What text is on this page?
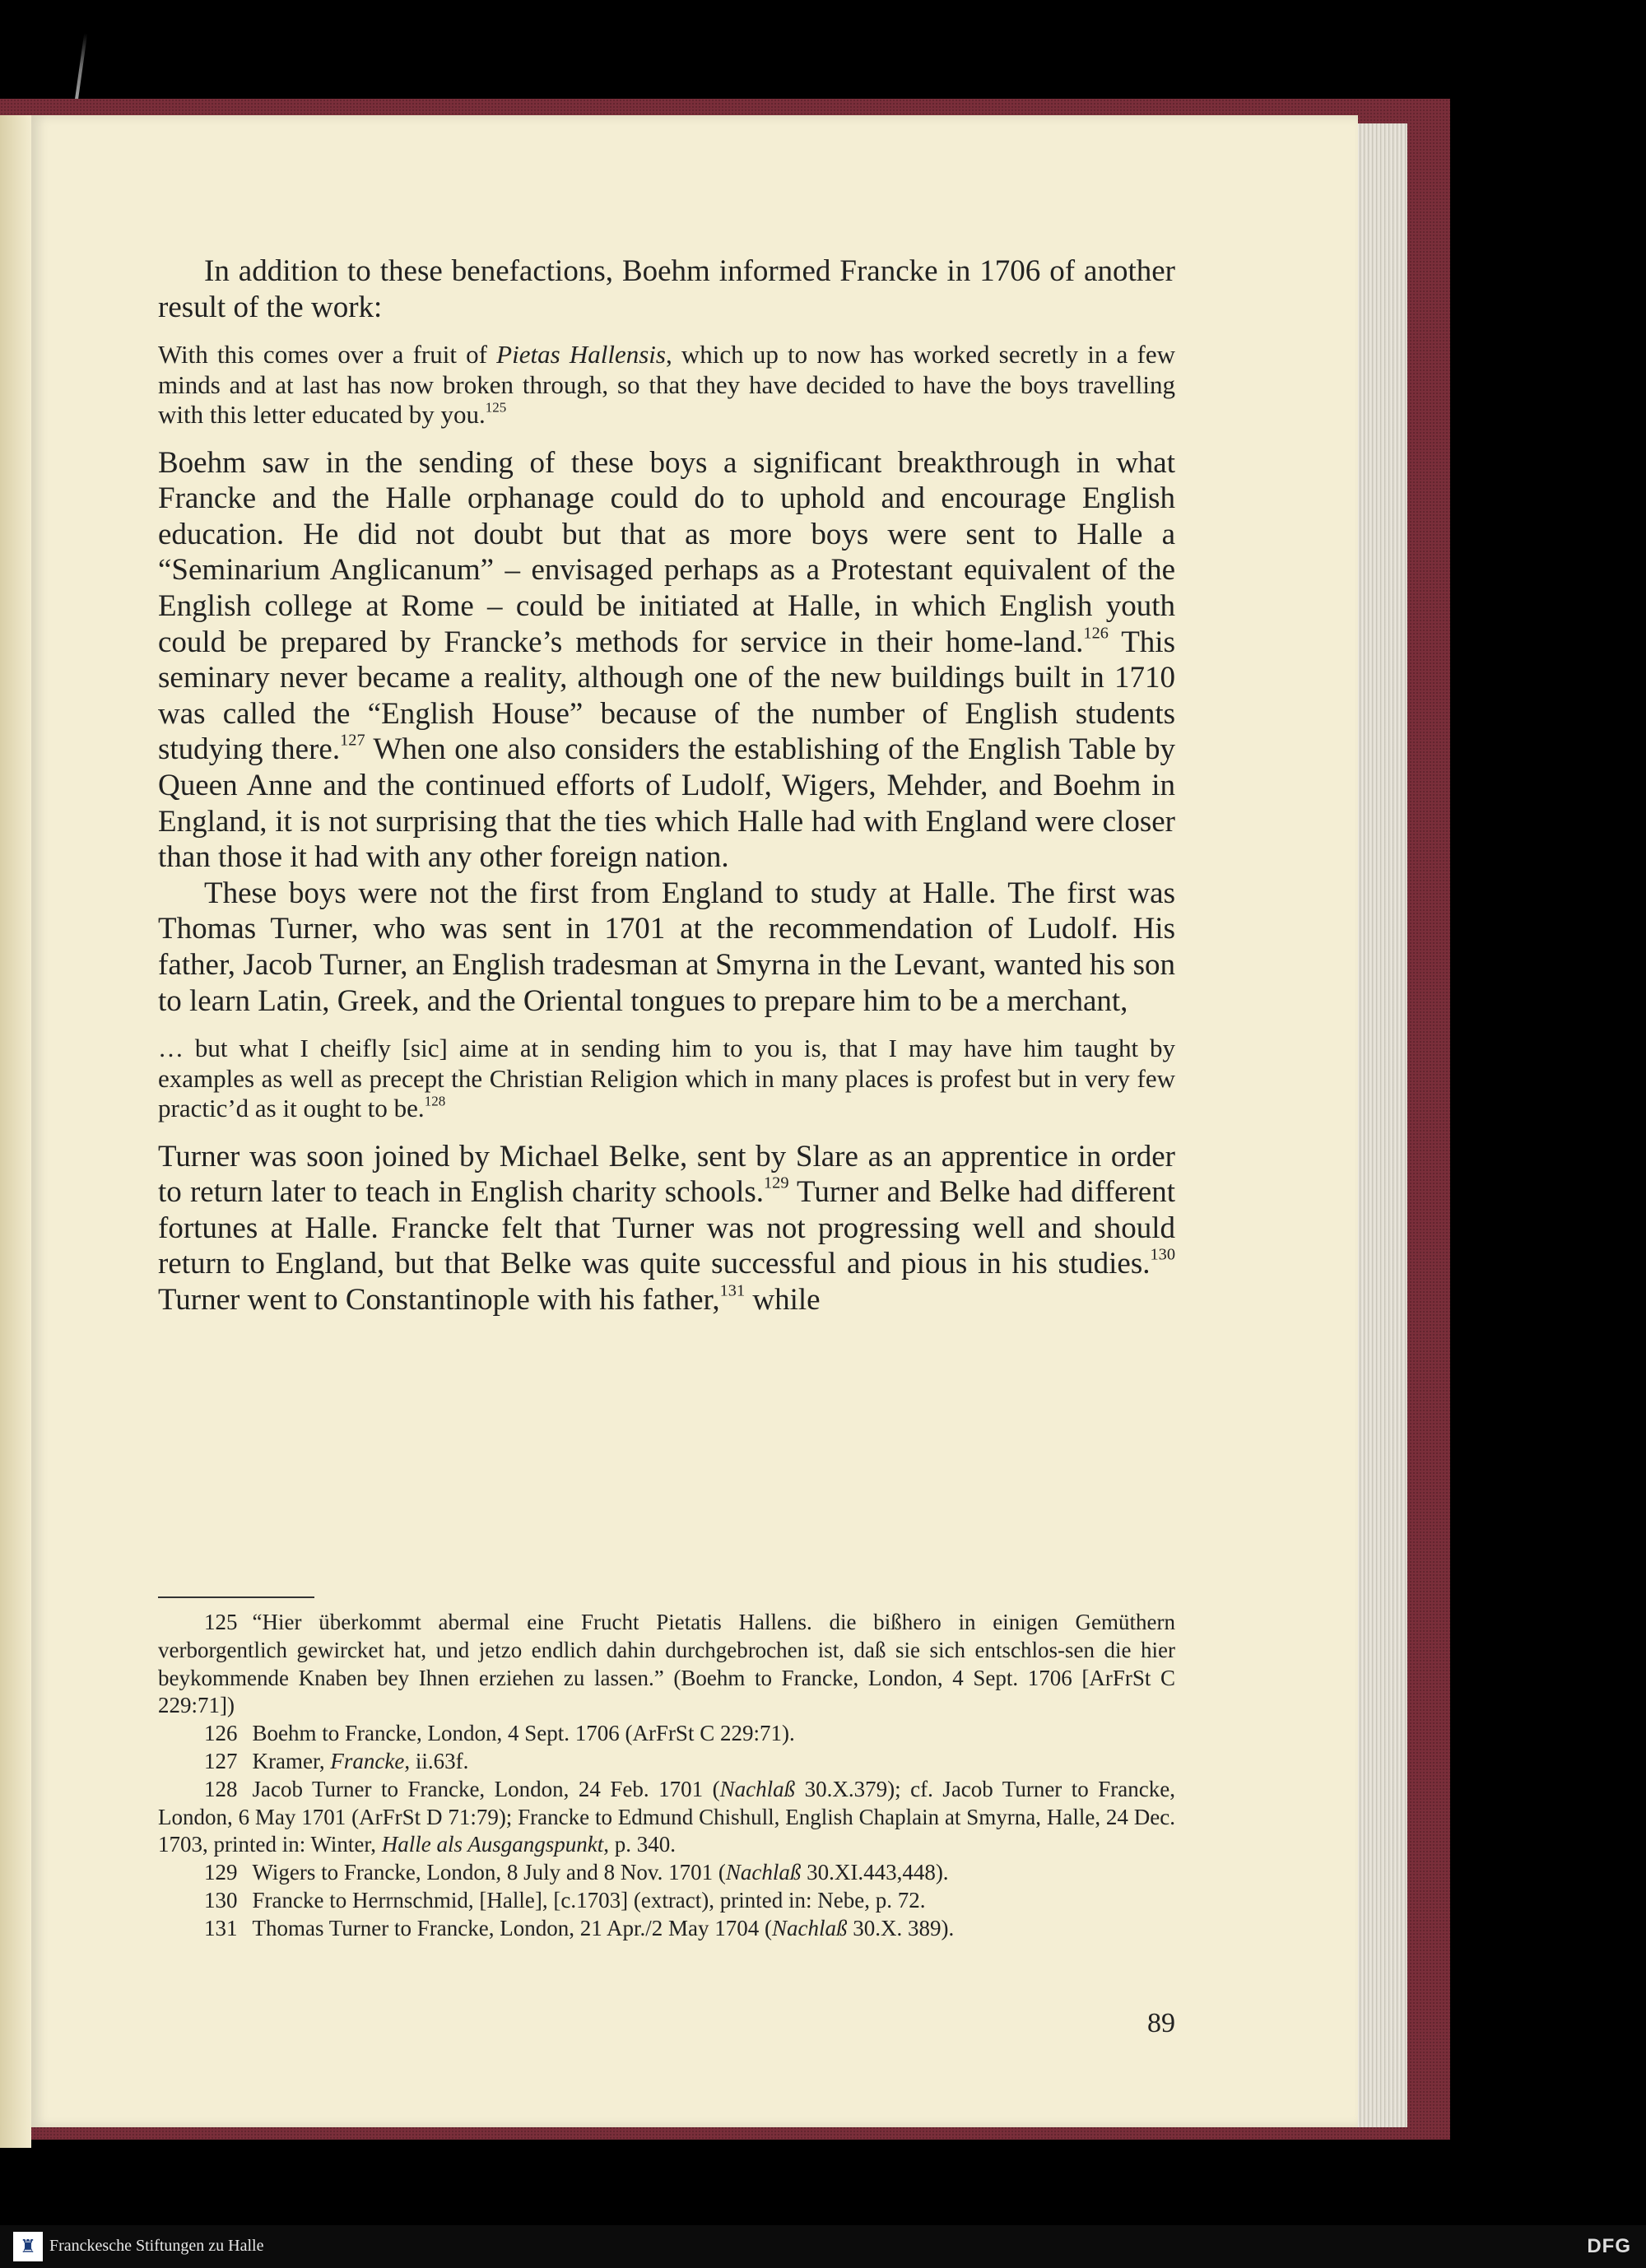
In addition to these benefactions, Boehm informed Francke in 1706 of another result of the work:

With this comes over a fruit of Pietas Hallensis, which up to now has worked secretly in a few minds and at last has now broken through, so that they have decided to have the boys travelling with this letter educated by you.$^{125}$

Boehm saw in the sending of these boys a significant breakthrough in what Francke and the Halle orphanage could do to uphold and encourage English education. He did not doubt but that as more boys were sent to Halle a “Seminarium Anglicanum” – envisaged perhaps as a Protestant equivalent of the English college at Rome – could be initiated at Halle, in which English youth could be prepared by Francke’s methods for service in their home-land.$^{126}$ This seminary never became a reality, although one of the new buildings built in 1710 was called the “English House” because of the number of English students studying there.$^{127}$ When one also considers the establishing of the English Table by Queen Anne and the continued efforts of Ludolf, Wigers, Mehder, and Boehm in England, it is not surprising that the ties which Halle had with England were closer than those it had with any other foreign nation.

These boys were not the first from England to study at Halle. The first was Thomas Turner, who was sent in 1701 at the recommendation of Ludolf. His father, Jacob Turner, an English tradesman at Smyrna in the Levant, wanted his son to learn Latin, Greek, and the Oriental tongues to prepare him to be a merchant,

… but what I cheifly [sic] aime at in sending him to you is, that I may have him taught by examples as well as precept the Christian Religion which in many places is profest but in very few practic’d as it ought to be.$^{128}$

Turner was soon joined by Michael Belke, sent by Slare as an apprentice in order to return later to teach in English charity schools.$^{129}$ Turner and Belke had different fortunes at Halle. Francke felt that Turner was not progressing well and should return to England, but that Belke was quite successful and pious in his studies.$^{130}$ Turner went to Constantinople with his father,$^{131}$ while

125 “Hier überkommt abermal eine Frucht Pietatis Hallens. die bißhero in einigen Gemüthern verborgentlich gewircket hat, und jetzo endlich dahin durchgebrochen ist, daß sie sich entschlos-sen die hier beykommende Knaben bey Ihnen erziehen zu lassen.” (Boehm to Francke, London, 4 Sept. 1706 [ArFrSt C 229:71])

126 Boehm to Francke, London, 4 Sept. 1706 (ArFrSt C 229:71).

127 Kramer, Francke, ii.63f.

128 Jacob Turner to Francke, London, 24 Feb. 1701 (Nachlaß 30.X.379); cf. Jacob Turner to Francke, London, 6 May 1701 (ArFrSt D 71:79); Francke to Edmund Chishull, English Chaplain at Smyrna, Halle, 24 Dec. 1703, printed in: Winter, Halle als Ausgangspunkt, p. 340.

129 Wigers to Francke, London, 8 July and 8 Nov. 1701 (Nachlaß 30.XI.443,448).

130 Francke to Herrnschmid, [Halle], [c.1703] (extract), printed in: Nebe, p. 72.

131 Thomas Turner to Francke, London, 21 Apr./2 May 1704 (Nachlaß 30.X. 389).

89
♜ Franckesche Stiftungen zu Halle	DFG
